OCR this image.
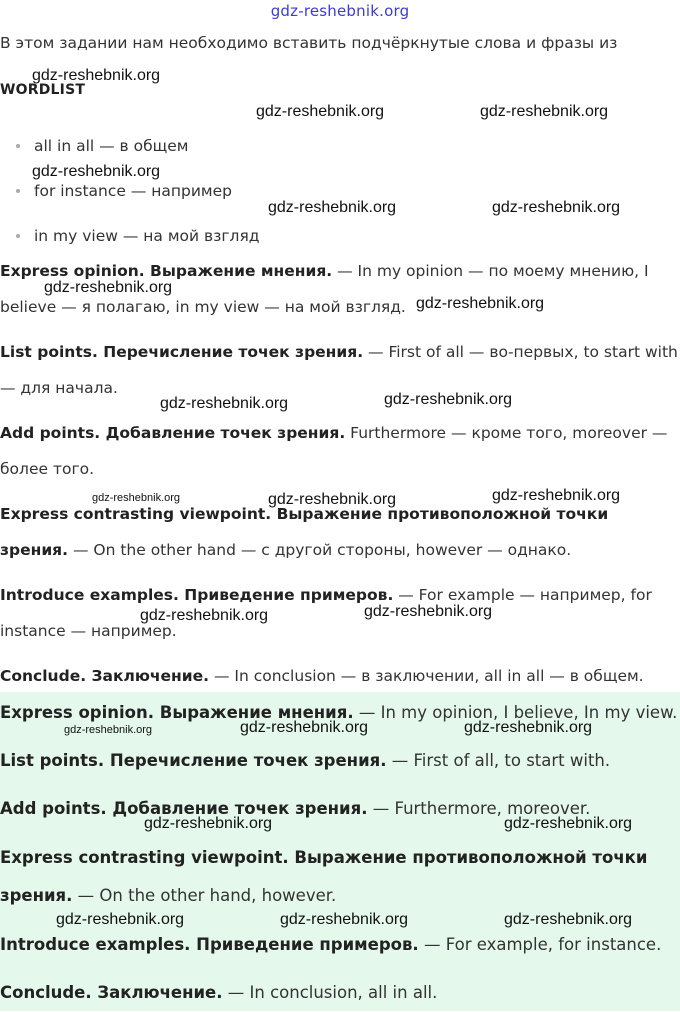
gdz-reshebnik.org
В этом задании нам необходимо вставить подчёркнутые слова и фразы из
WORDLIST
all in all — в общем
for instance — например
in my view — на мой взгляд
Express opinion. Выражение мнения. — In my opinion — по моему мнению, I believe — я полагаю, in my view — на мой взгляд.
List points. Перечисление точек зрения. — First of all — во-первых, to start with — для начала.
Add points. Добавление точек зрения. Furthermore — кроме того, moreover — более того.
Express contrasting viewpoint. Выражение противоположной точки зрения. — On the other hand — с другой стороны, however — однако.
Introduce examples. Приведение примеров. — For example — например, for instance — например.
Conclude. Заключение. — In conclusion — в заключении, all in all — в общем.
Express opinion. Выражение мнения. — In my opinion, I believe, In my view.
List points. Перечисление точек зрения. — First of all, to start with.
Add points. Добавление точек зрения. — Furthermore, moreover.
Express contrasting viewpoint. Выражение противоположной точки зрения. — On the other hand, however.
Introduce examples. Приведение примеров. — For example, for instance.
Conclude. Заключение. — In conclusion, all in all.
gdz-reshebnik.org
gdz-reshebnik.org	gdz-reshebnik.org
gdz-reshebnik.org
gdz-reshebnik.org	gdz-reshebnik.org
gdz-reshebnik.org
gdz-reshebnik.org
gdz-reshebnik.org	gdz-reshebnik.org
gdz-reshebnik.org	gdz-reshebnik.org	gdz-reshebnik.org
gdz-reshebnik.org	gdz-reshebnik.org
gdz-reshebnik.org	gdz-reshebnik.org	gdz-reshebnik.org
gdz-reshebnik.org	gdz-reshebnik.org
gdz-reshebnik.org	gdz-reshebnik.org	gdz-reshebnik.org
